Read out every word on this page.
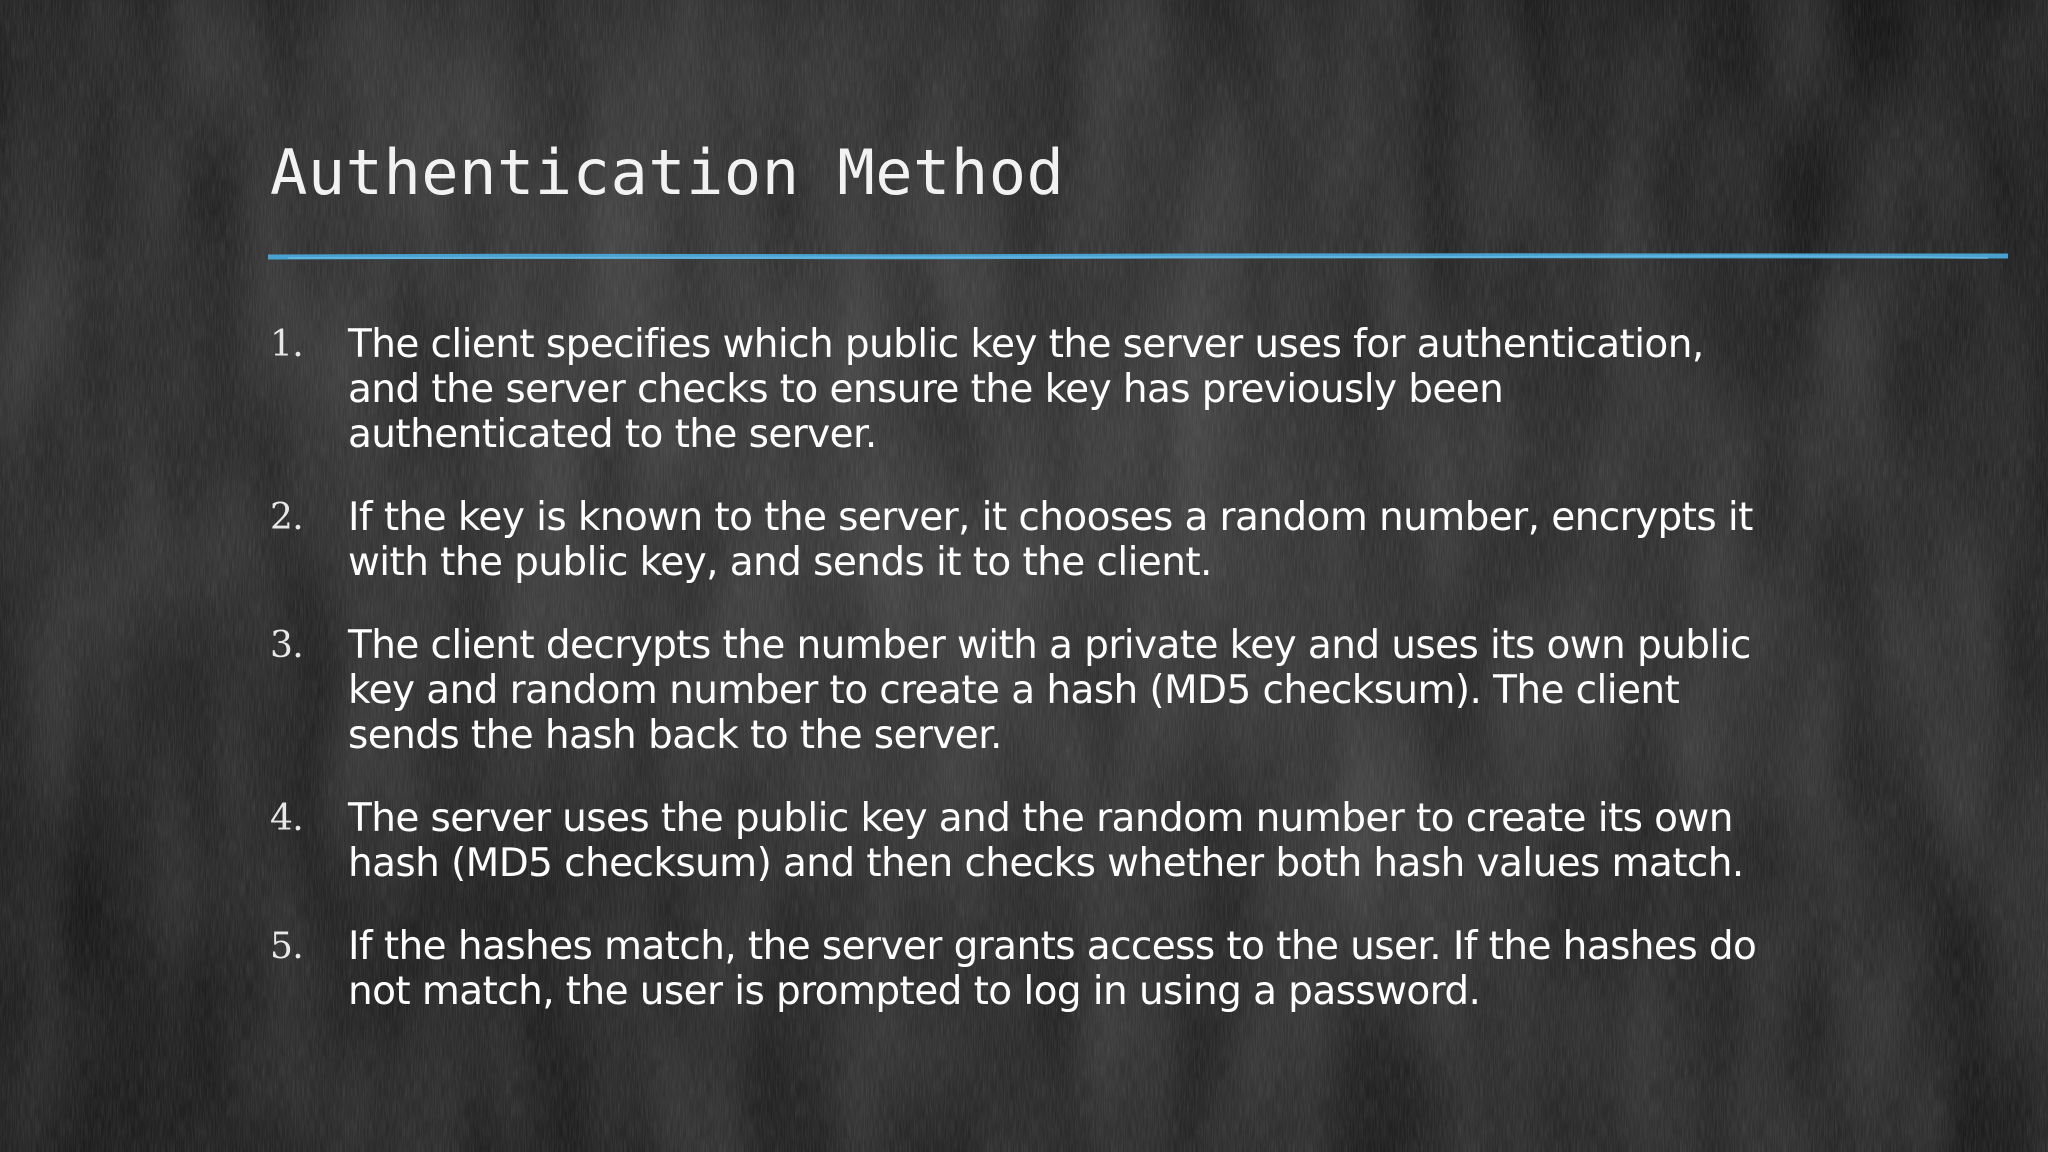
Authentication Method
1. The client specifies which public key the server uses for authentication, and the server checks to ensure the key has previously been authenticated to the server.
2. If the key is known to the server, it chooses a random number, encrypts it with the public key, and sends it to the client.
3. The client decrypts the number with a private key and uses its own public key and random number to create a hash (MD5 checksum). The client sends the hash back to the server.
4. The server uses the public key and the random number to create its own hash (MD5 checksum) and then checks whether both hash values match.
5. If the hashes match, the server grants access to the user. If the hashes do not match, the user is prompted to log in using a password.
